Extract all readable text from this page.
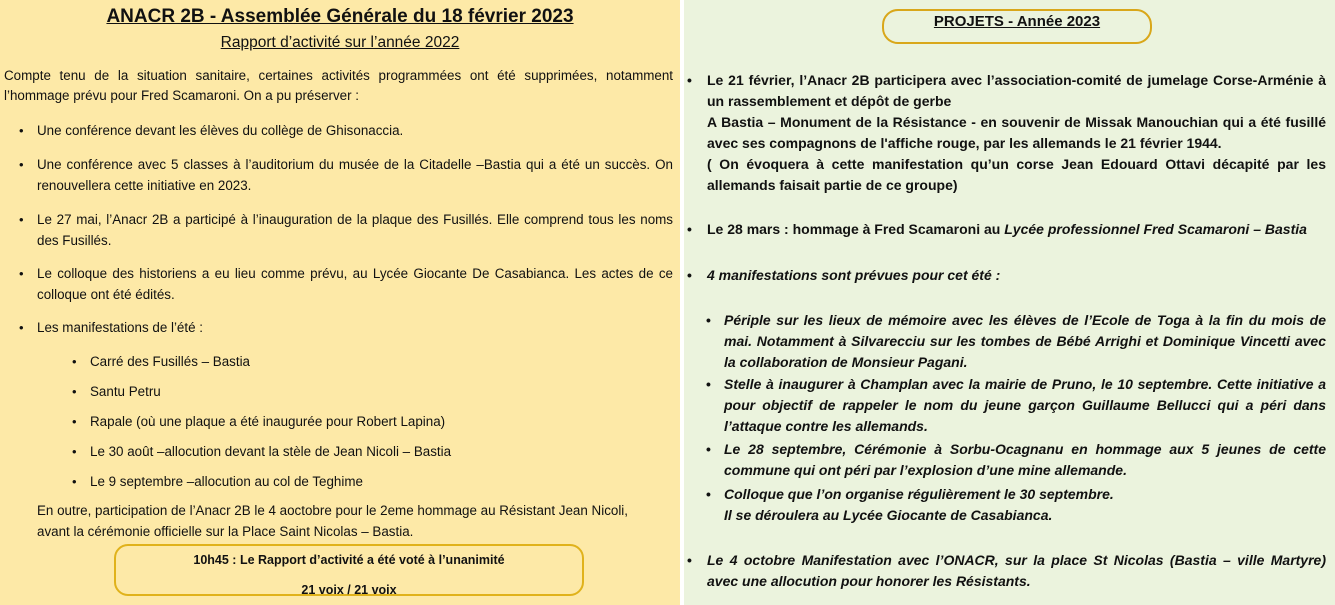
ANACR 2B - Assemblée Générale du 18 février 2023
Rapport d’activité sur l’année 2022
Compte tenu de la situation sanitaire, certaines activités programmées ont été supprimées, notamment l’hommage prévu pour Fred Scamaroni. On a pu préserver :
• Une conférence devant les élèves du collège de Ghisonaccia.
• Une conférence avec 5 classes à l’auditorium du musée de la Citadelle –Bastia qui a été un succès. On renouvellera cette initiative en 2023.
• Le 27 mai, l’Anacr 2B a participé à l’inauguration de la plaque des Fusillés. Elle comprend tous les noms des Fusillés.
• Le colloque des historiens a eu lieu comme prévu, au Lycée Giocante De Casabianca. Les actes de ce colloque ont été édités.
• Les manifestations de l’été :
• Carré des Fusillés – Bastia
• Santu Petru
• Rapale (où une plaque a été inaugurée pour Robert Lapina)
• Le 30 août –allocution devant la stèle de Jean Nicoli – Bastia
• Le 9 septembre –allocution au col de Teghime
En outre, participation de l’Anacr 2B le 4 aoctobre pour le 2eme hommage au Résistant Jean Nicoli, avant la cérémonie officielle sur la Place Saint Nicolas – Bastia.
10h45 : Le Rapport d’activité a été voté à l’unanimité
21 voix / 21 voix
PROJETS - Année 2023
• Le 21 février, l’Anacr 2B participera avec l’association-comité de jumelage Corse-Arménie à un rassemblement et dépôt de gerbe
A Bastia – Monument de la Résistance - en souvenir de Missak Manouchian qui a été fusillé avec ses compagnons de l'affiche rouge, par les allemands le 21 février 1944.
( On évoquera à cette manifestation qu’un corse Jean Edouard Ottavi décapité par les allemands faisait partie de ce groupe)
• Le 28 mars : hommage à Fred Scamaroni au Lycée professionnel Fred Scamaroni – Bastia
• 4 manifestations sont prévues pour cet été :
• Périple sur les lieux de mémoire avec les élèves de l’Ecole de Toga à la fin du mois de mai. Notamment à Silvarecciu sur les tombes de Bébé Arrighi et Dominique Vincetti avec la collaboration de Monsieur Pagani.
• Stelle à inaugurer à Champlan avec la mairie de Pruno, le 10 septembre. Cette initiative a pour objectif de rappeler le nom du jeune garçon Guillaume Bellucci qui a péri dans l’attaque contre les allemands.
• Le 28 septembre, Cérémonie à Sorbu-Ocagnanu en hommage aux 5 jeunes de cette commune qui ont péri par l’explosion d’une mine allemande.
• Colloque que l’on organise régulièrement le 30 septembre.
Il se déroulera au Lycée Giocante de Casabianca.
• Le 4 octobre Manifestation avec l’ONACR, sur la place St Nicolas (Bastia – ville Martyre) avec une allocution pour honorer les Résistants.
